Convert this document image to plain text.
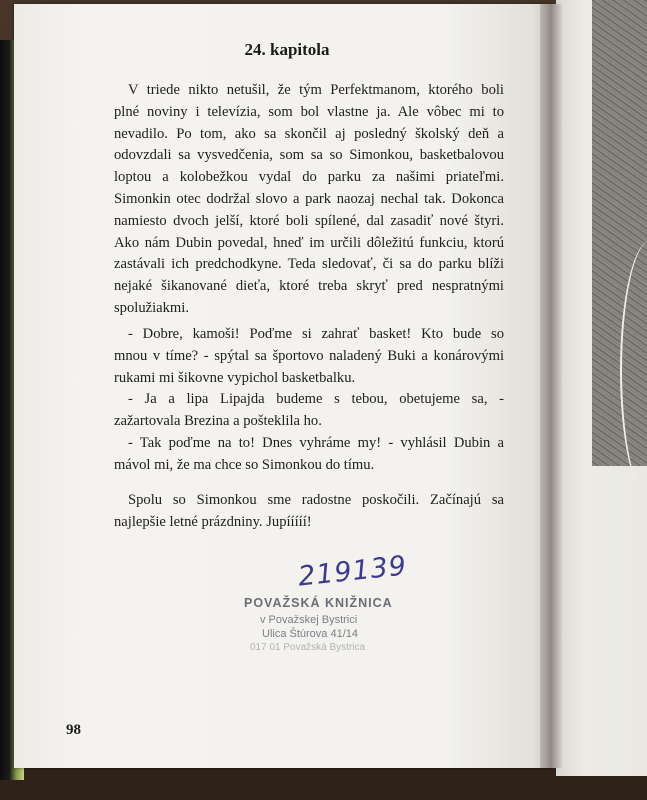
24. kapitola
V triede nikto netušil, že tým Perfektmanom, ktorého boli
plné noviny i televízia, som bol vlastne ja. Ale vôbec mi to
nevadilo. Po tom, ako sa skončil aj posledný školský deň a
odovzdali sa vysvedčenia, som sa so Simonkou, basketbalovou
loptou a kolobežkou vydal do parku za našimi priateľmi.
Simonkin otec dodržal slovo a park naozaj nechal tak. Dokonca
namiesto dvoch jelší, ktoré boli spílené, dal zasadiť nové štyri.
Ako nám Dubin povedal, hneď im určili dôležitú funkciu, ktorú
zastávali ich predchodkyne. Teda sledovať, či sa do parku blíži
nejaké šikanované dieťa, ktoré treba skryť pred nespratnými
spolužiakmi.
- Dobre, kamoši! Poďme si zahrať basket! Kto bude so
mnou v tíme? - spýtal sa športovo naladený Buki a konárovými
rukami mi šikovne vypichol basketbalku.
- Ja a lipa Lipajda budeme s tebou, obetujeme sa, -
zažartovala Brezina a pošteklila ho.
- Tak poďme na to! Dnes vyhráme my! - vyhlásil Dubin a
mávol mi, že ma chce so Simonkou do tímu.
Spolu so Simonkou sme radostne poskočili. Začínajú sa
najlepšie letné prázdniny. Jupííííí!
219139
POVAŽSKÁ KNIŽNICA
v Považskej Bystrici
Ulica Štúrova 41/14
017 01 Považská Bystrica
98
